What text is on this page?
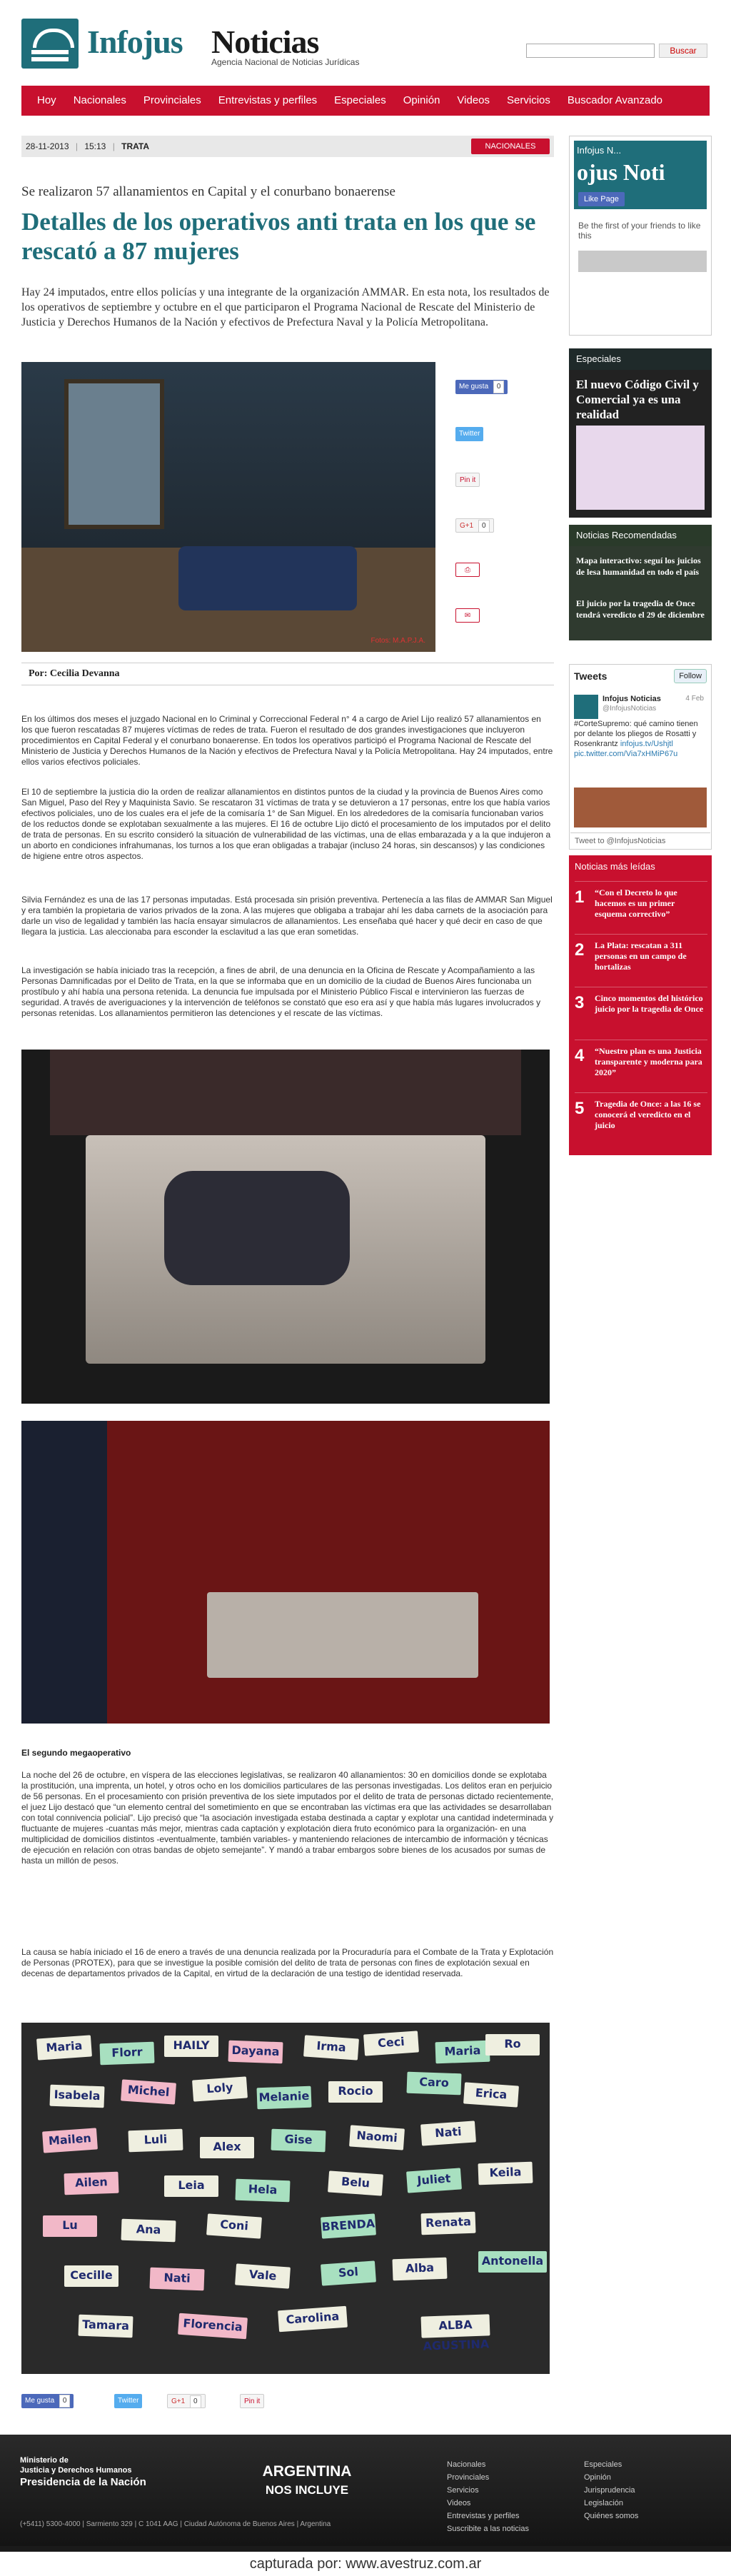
Infojus Noticias
Agencia Nacional de Noticias Jurídicas
Buscar
Hoy	Nacionales	Provinciales	Entrevistas y perfiles	Especiales	Opinión	Videos	Servicios	Buscador Avanzado
28-11-2013 | 15:13 | TRATA	NACIONALES
Se realizaron 57 allanamientos en Capital y el conurbano bonaerense
Detalles de los operativos anti trata en los que se rescató a 87 mujeres

Hay 24 imputados, entre ellos policías y una integrante de la organización AMMAR. En esta nota, los resultados de los operativos de septiembre y octubre en el que participaron el Programa Nacional de Rescate del Ministerio de Justicia y Derechos Humanos de la Nación y efectivos de Prefectura Naval y la Policía Metropolitana.

Fotos: M.A.P.J.A.
Me gusta 0
Twitter
Pin it
G+1 0
⎙
✉
Por: Cecilia Devanna

En los últimos dos meses el juzgado Nacional en lo Criminal y Correccional Federal n° 4 a cargo de Ariel Lijo realizó 57 allanamientos en los que fueron rescatadas 87 mujeres víctimas de redes de trata. Fueron el resultado de dos grandes investigaciones que incluyeron procedimientos en Capital Federal y el conurbano bonaerense. En todos los operativos participó el Programa Nacional de Rescate del Ministerio de Justicia y Derechos Humanos de la Nación y efectivos de Prefectura Naval y la Policía Metropolitana. Hay 24 imputados, entre ellos varios efectivos policiales.

El 10 de septiembre la justicia dio la orden de realizar allanamientos en distintos puntos de la ciudad y la provincia de Buenos Aires como San Miguel, Paso del Rey y Maquinista Savio. Se rescataron 31 víctimas de trata y se detuvieron a 17 personas, entre los que había varios efectivos policiales, uno de los cuales era el jefe de la comisaría 1° de San Miguel. En los alrededores de la comisaría funcionaban varios de los reductos donde se explotaban sexualmente a las mujeres. El 16 de octubre Lijo dictó el procesamiento de los imputados por el delito de trata de personas. En su escrito consideró la situación de vulnerabilidad de las víctimas, una de ellas embarazada y a la que indujeron a un aborto en condiciones infrahumanas, los turnos a los que eran obligadas a trabajar (incluso 24 horas, sin descansos) y las condiciones de higiene entre otros aspectos.

Silvia Fernández es una de las 17 personas imputadas. Está procesada sin prisión preventiva. Pertenecía a las filas de AMMAR San Miguel y era también la propietaria de varios privados de la zona. A las mujeres que obligaba a trabajar ahí les daba carnets de la asociación para darle un viso de legalidad y también las hacía ensayar simulacros de allanamientos. Les enseñaba qué hacer y qué decir en caso de que llegara la justicia. Las aleccionaba para esconder la esclavitud a las que eran sometidas.

La investigación se había iniciado tras la recepción, a fines de abril, de una denuncia en la Oficina de Rescate y Acompañamiento a las Personas Damnificadas por el Delito de Trata, en la que se informaba que en un domicilio de la ciudad de Buenos Aires funcionaba un prostíbulo y ahí había una persona retenida. La denuncia fue impulsada por el Ministerio Público Fiscal e intervinieron las fuerzas de seguridad. A través de averiguaciones y la intervención de teléfonos se constató que eso era así y que había más lugares involucrados y personas retenidas. Los allanamientos permitieron las detenciones y el rescate de las víctimas.

El segundo megaoperativo

La noche del 26 de octubre, en víspera de las elecciones legislativas, se realizaron 40 allanamientos: 30 en domicilios donde se explotaba la prostitución, una imprenta, un hotel, y otros ocho en los domicilios particulares de las personas investigadas. Los delitos eran en perjuicio de 56 personas. En el procesamiento con prisión preventiva de los siete imputados por el delito de trata de personas dictado recientemente, el juez Lijo destacó que “un elemento central del sometimiento en que se encontraban las víctimas era que las actividades se desarrollaban con total connivencia policial”. Lijo precisó que “la asociación investigada estaba destinada a captar y explotar una cantidad indeterminada y fluctuante de mujeres -cuantas más mejor, mientras cada captación y explotación diera fruto económico para la organización- en una multiplicidad de domicilios distintos -eventualmente, también variables- y manteniendo relaciones de intercambio de información y técnicas de ejecución en relación con otras bandas de objeto semejante”. Y mandó a trabar embargos sobre bienes de los acusados por sumas de hasta un millón de pesos.

La causa se había iniciado el 16 de enero a través de una denuncia realizada por la Procuraduría para el Combate de la Trata y Explotación de Personas (PROTEX), para que se investigue la posible comisión del delito de trata de personas con fines de explotación sexual en decenas de departamentos privados de la Capital, en virtud de la declaración de una testigo de identidad reservada.

Maria	Florr	HAILY	Dayana	Irma	Ceci
Maria	Ro
Isabela	Michel	Loly
Melanie	Rocio
Caro
Erica
Mailen	Luli	Alex	Gise	Naomi	Nati
Ailen	Leia	Hela	Belu	Juliet	Keila
Lu	Ana	Coni	BRENDA	Renata
Cecille	Nati	Vale	Sol	Alba	Antonella
Tamara	Florencia	Carolina	ALBA AGUSTINA
Me gusta 0	Twitter	G+1 0	Pin it
Infojus N...
ojus Noti
Like Page
Be the first of your friends to like this
Especiales
El nuevo Código Civil y Comercial ya es una realidad
Noticias Recomendadas
Mapa interactivo: seguí los juicios de lesa humanidad en todo el país
El juicio por la tragedia de Once tendrá veredicto el 29 de diciembre
Tweets	Follow
Infojus Noticias
@InfojusNoticias
4 Feb
#CorteSupremo: qué camino tienen por delante los pliegos de Rosatti y Rosenkrantz infojus.tv/Ushjtl pic.twitter.com/Via7xHMiP67u
Tweet to @InfojusNoticias
Noticias más leídas
1 “Con el Decreto lo que hacemos es un primer esquema correctivo”
2 La Plata: rescatan a 311 personas en un campo de hortalizas
3 Cinco momentos del histórico juicio por la tragedia de Once
4 “Nuestro plan es una Justicia transparente y moderna para 2020”
5 Tragedia de Once: a las 16 se conocerá el veredicto en el juicio
Ministerio de
Justicia y Derechos Humanos
Presidencia de la Nación
(+5411) 5300-4000 | Sarmiento 329 | C 1041 AAG | Ciudad Autónoma de Buenos Aires | Argentina
ARGENTINA
NOS INCLUYE
Nacionales
Provinciales
Servicios
Videos
Entrevistas y perfiles
Suscribite a las noticias
Especiales
Opinión
Jurisprudencia
Legislación
Quiénes somos
capturada por: www.avestruz.com.ar
